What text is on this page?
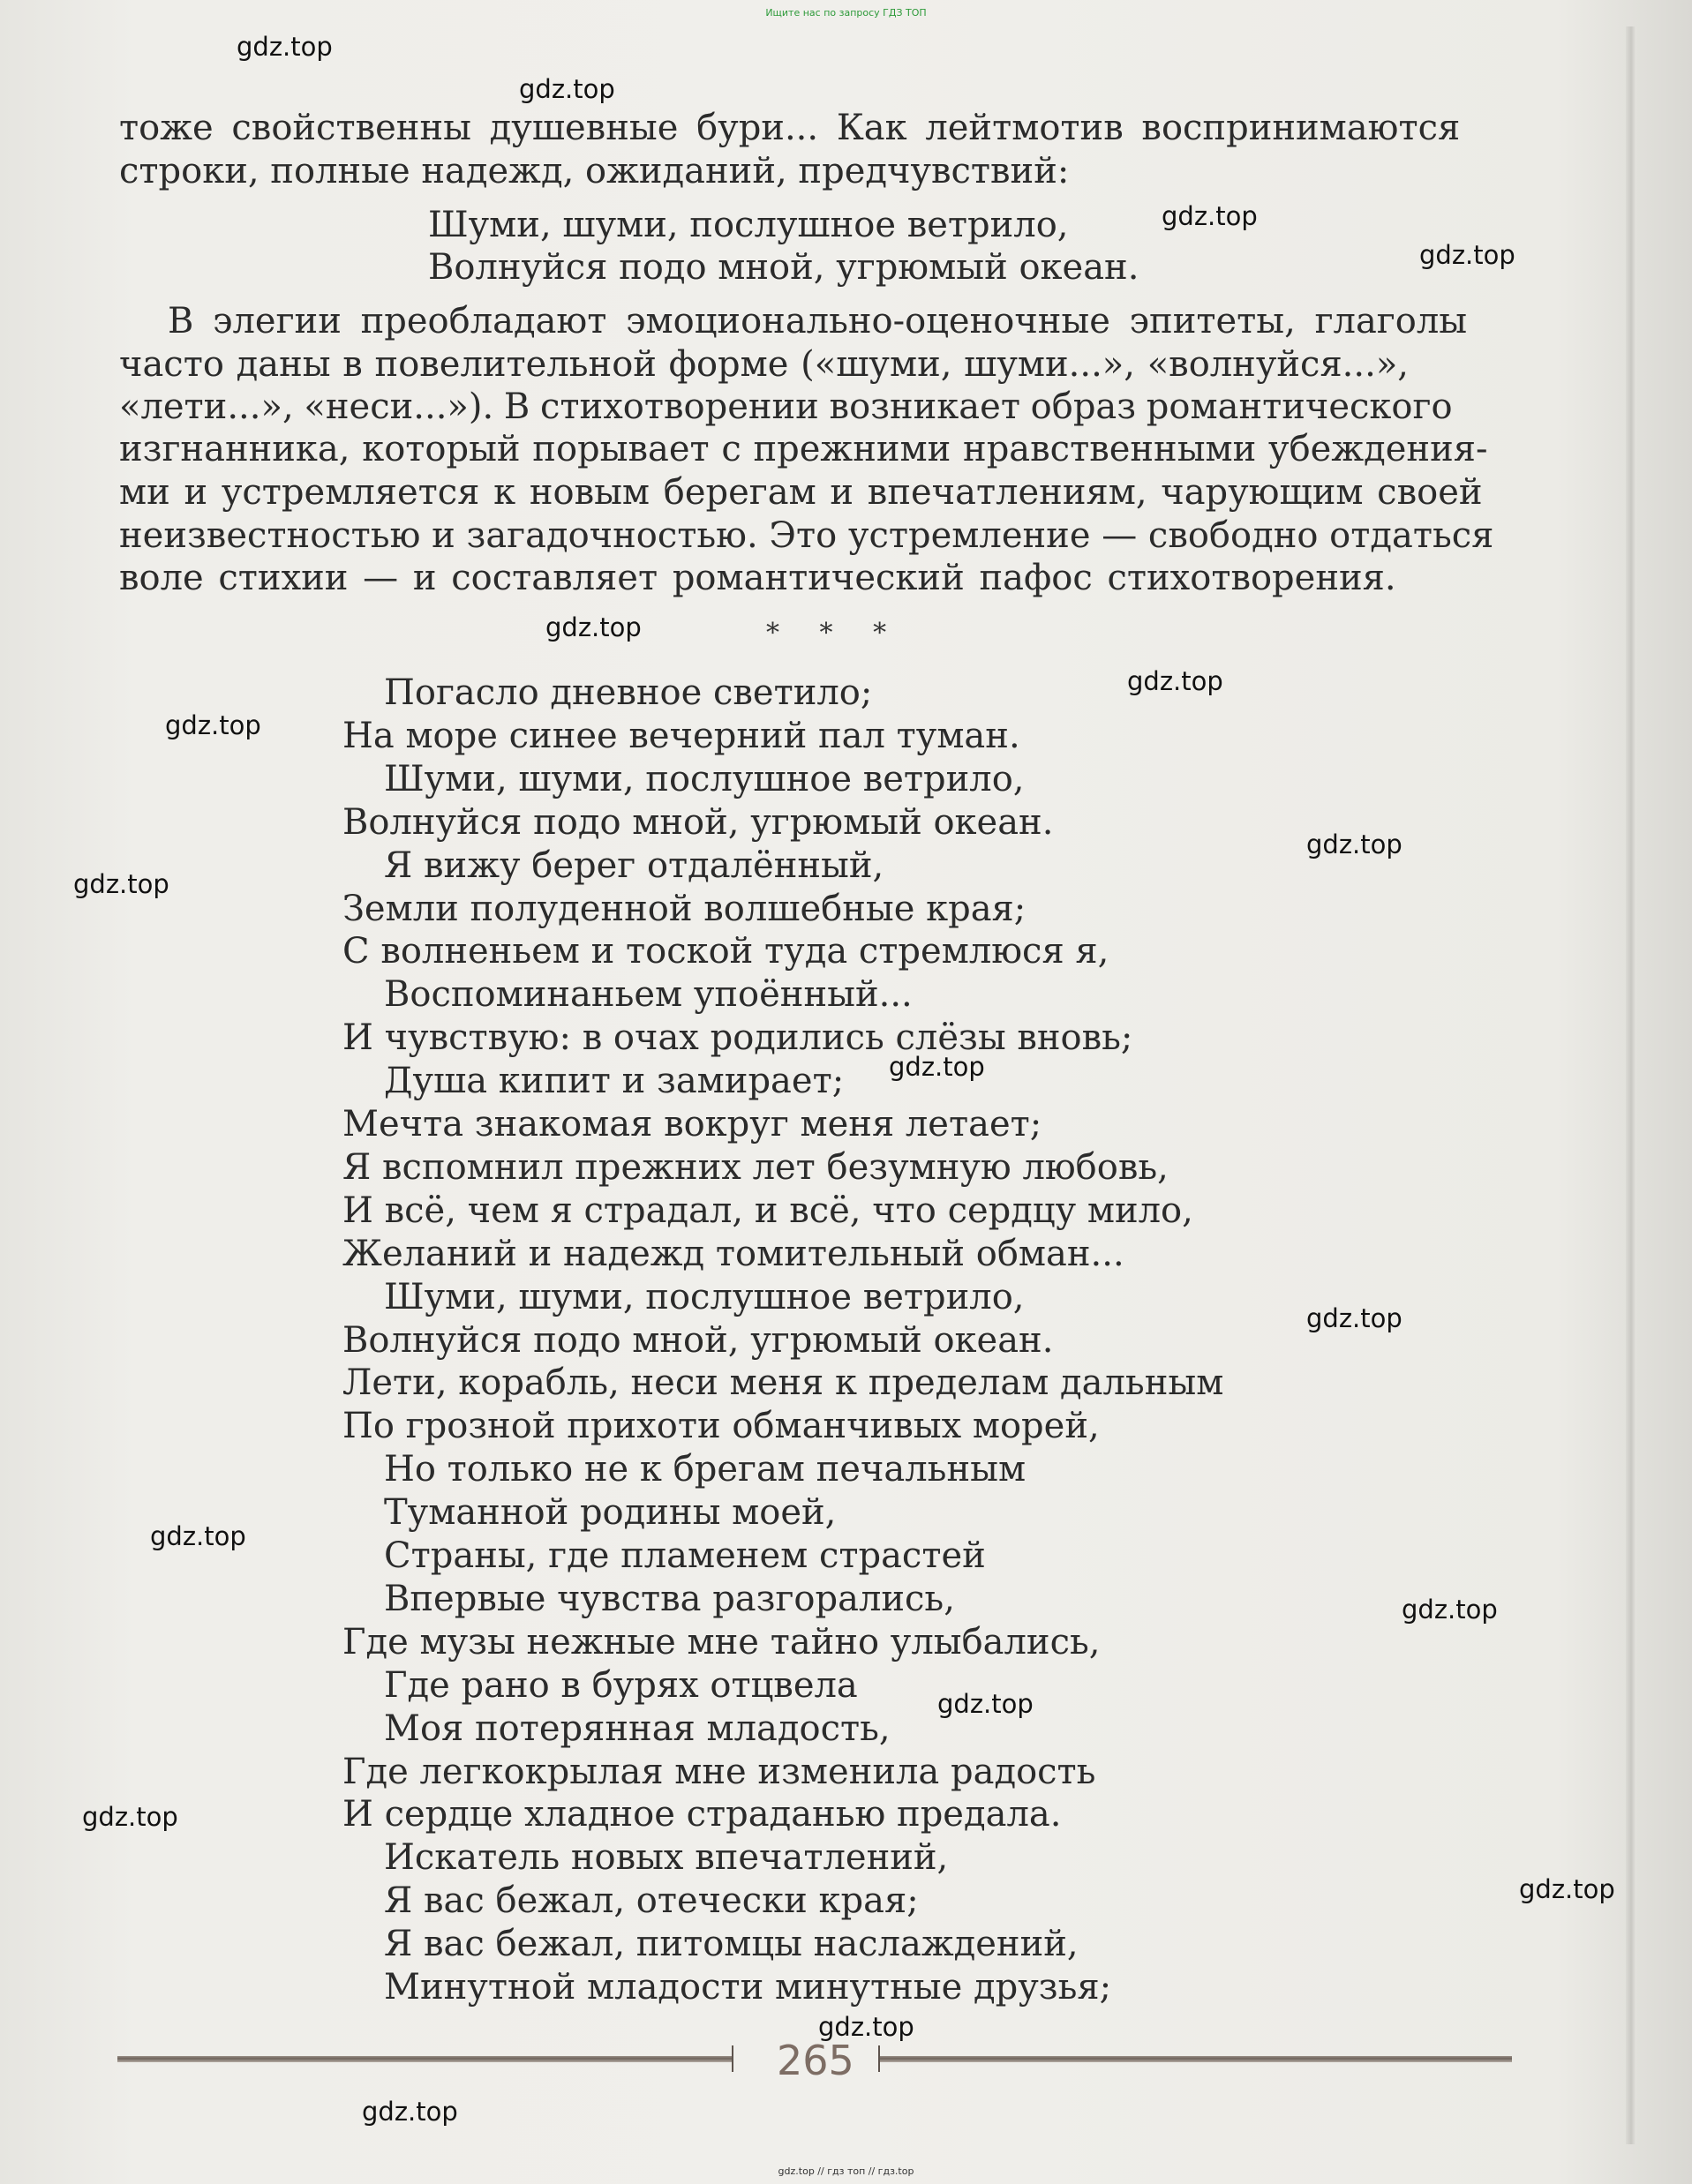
Ищите нас по запросу ГДЗ ТОП
тоже свойственны душевные бури... Как лейтмотив воспринимаются
строки, полные надежд, ожиданий, предчувствий:
Шуми, шуми, послушное ветрило,
Волнуйся подо мной, угрюмый океан.
В элегии преобладают эмоционально-оценочные эпитеты, глаголы
часто даны в повелительной форме («шуми, шуми...», «волнуйся...»,
«лети...», «неси...»). В стихотворении возникает образ романтического
изгнанника, который порывает с прежними нравственными убеждения-
ми и устремляется к новым берегам и впечатлениям, чарующим своей
неизвестностью и загадочностью. Это устремление — свободно отдаться
воле стихии — и составляет романтический пафос стихотворения.
* * *
Погасло дневное светило;
На море синее вечерний пал туман.
Шуми, шуми, послушное ветрило,
Волнуйся подо мной, угрюмый океан.
Я вижу берег отдалённый,
Земли полуденной волшебные края;
С волненьем и тоской туда стремлюся я,
Воспоминаньем упоённый...
И чувствую: в очах родились слёзы вновь;
Душа кипит и замирает;
Мечта знакомая вокруг меня летает;
Я вспомнил прежних лет безумную любовь,
И всё, чем я страдал, и всё, что сердцу мило,
Желаний и надежд томительный обман...
Шуми, шуми, послушное ветрило,
Волнуйся подо мной, угрюмый океан.
Лети, корабль, неси меня к пределам дальным
По грозной прихоти обманчивых морей,
Но только не к брегам печальным
Туманной родины моей,
Страны, где пламенем страстей
Впервые чувства разгорались,
Где музы нежные мне тайно улыбались,
Где рано в бурях отцвела
Моя потерянная младость,
Где легкокрылая мне изменила радость
И сердце хладное страданью предала.
Искатель новых впечатлений,
Я вас бежал, отечески края;
Я вас бежал, питомцы наслаждений,
Минутной младости минутные друзья;
265
gdz.top
gdz.top
gdz.top
gdz.top
gdz.top
gdz.top
gdz.top
gdz.top
gdz.top
gdz.top
gdz.top
gdz.top
gdz.top
gdz.top
gdz.top
gdz.top
gdz.top
gdz.top
gdz.top // гдз топ // гдз.top
